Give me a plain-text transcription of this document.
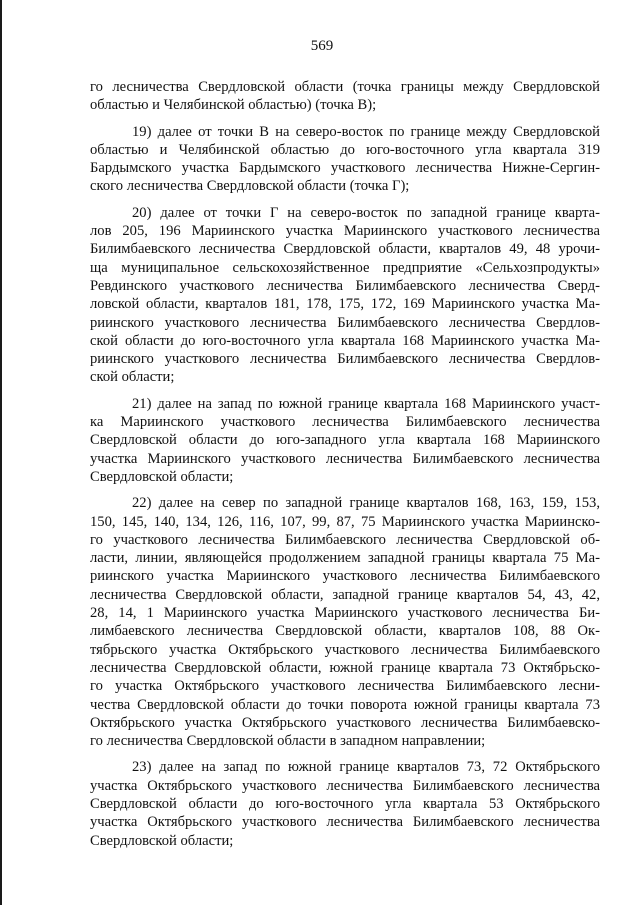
569
го лесничества Свердловской области (точка границы между Свердловской
областью и Челябинской областью) (точка В);
19) далее от точки В на северо-восток по границе между Свердловской
областью и Челябинской областью до юго-восточного угла квартала 319
Бардымского участка Бардымского участкового лесничества Нижне-Сергин-
ского лесничества Свердловской области (точка Г);
20) далее от точки Г на северо-восток по западной границе кварта-
лов 205, 196 Мариинского участка Мариинского участкового лесничества
Билимбаевского лесничества Свердловской области, кварталов 49, 48 урочи-
ща муниципальное сельскохозяйственное предприятие «Сельхозпродукты»
Ревдинского участкового лесничества Билимбаевского лесничества Сверд-
ловской области, кварталов 181, 178, 175, 172, 169 Мариинского участка Ма-
риинского участкового лесничества Билимбаевского лесничества Свердлов-
ской области до юго-восточного угла квартала 168 Мариинского участка Ма-
риинского участкового лесничества Билимбаевского лесничества Свердлов-
ской области;
21) далее на запад по южной границе квартала 168 Мариинского участ-
ка Мариинского участкового лесничества Билимбаевского лесничества
Свердловской области до юго-западного угла квартала 168 Мариинского
участка Мариинского участкового лесничества Билимбаевского лесничества
Свердловской области;
22) далее на север по западной границе кварталов 168, 163, 159, 153,
150, 145, 140, 134, 126, 116, 107, 99, 87, 75 Мариинского участка Мариинско-
го участкового лесничества Билимбаевского лесничества Свердловской об-
ласти, линии, являющейся продолжением западной границы квартала 75 Ма-
риинского участка Мариинского участкового лесничества Билимбаевского
лесничества Свердловской области, западной границе кварталов 54, 43, 42,
28, 14, 1 Мариинского участка Мариинского участкового лесничества Би-
лимбаевского лесничества Свердловской области, кварталов 108, 88 Ок-
тябрьского участка Октябрьского участкового лесничества Билимбаевского
лесничества Свердловской области, южной границе квартала 73 Октябрьско-
го участка Октябрьского участкового лесничества Билимбаевского лесни-
чества Свердловской области до точки поворота южной границы квартала 73
Октябрьского участка Октябрьского участкового лесничества Билимбаевско-
го лесничества Свердловской области в западном направлении;
23) далее на запад по южной границе кварталов 73, 72 Октябрьского
участка Октябрьского участкового лесничества Билимбаевского лесничества
Свердловской области до юго-восточного угла квартала 53 Октябрьского
участка Октябрьского участкового лесничества Билимбаевского лесничества
Свердловской области;
